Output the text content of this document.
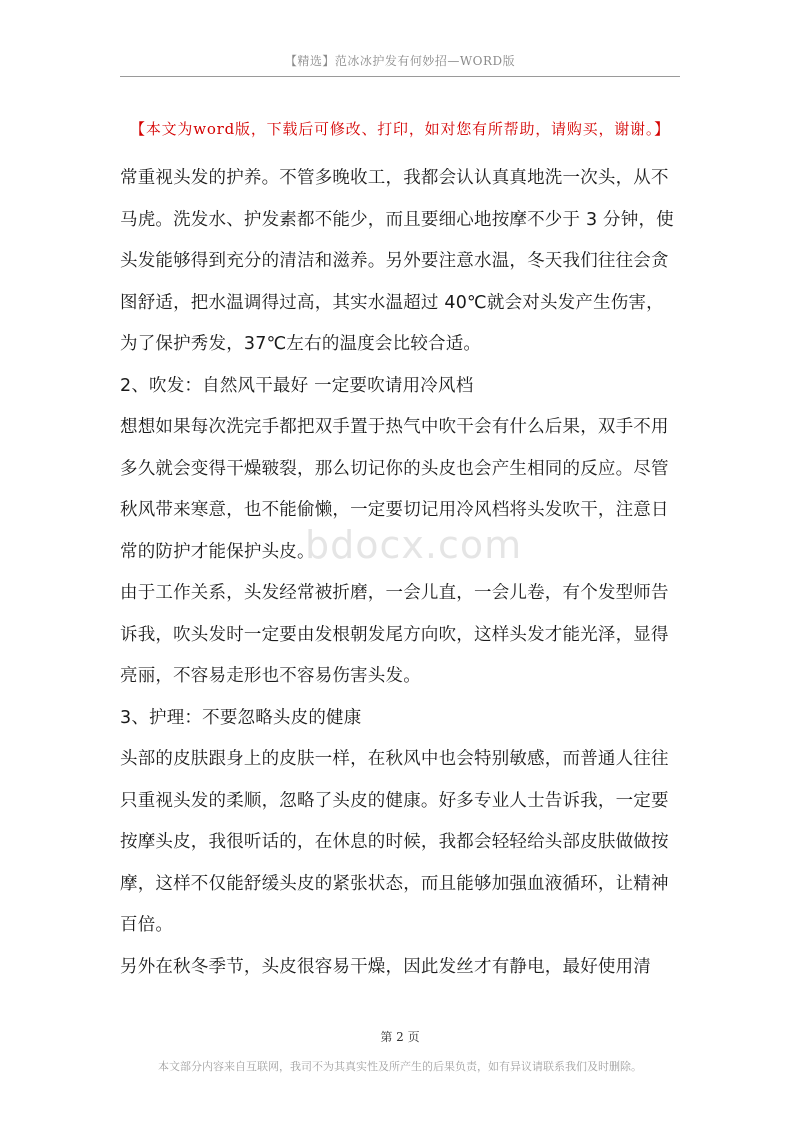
【精选】范冰冰护发有何妙招—WORD版
【本文为word版，下载后可修改、打印，如对您有所帮助，请购买，谢谢。】

常重视头发的护养。不管多晚收工，我都会认认真真地洗一次头，从不马虎。洗发水、护发素都不能少，而且要细心地按摩不少于 3 分钟，使头发能够得到充分的清洁和滋养。另外要注意水温，冬天我们往往会贪图舒适，把水温调得过高，其实水温超过 40℃就会对头发产生伤害，为了保护秀发，37℃左右的温度会比较合适。

2、吹发：自然风干最好 一定要吹请用冷风档

想想如果每次洗完手都把双手置于热气中吹干会有什么后果，双手不用多久就会变得干燥皲裂，那么切记你的头皮也会产生相同的反应。尽管秋风带来寒意，也不能偷懒，一定要切记用冷风档将头发吹干，注意日常的防护才能保护头皮。

由于工作关系，头发经常被折磨，一会儿直，一会儿卷，有个发型师告诉我，吹头发时一定要由发根朝发尾方向吹，这样头发才能光泽，显得亮丽，不容易走形也不容易伤害头发。

3、护理：不要忽略头皮的健康

头部的皮肤跟身上的皮肤一样，在秋风中也会特别敏感，而普通人往往只重视头发的柔顺，忽略了头皮的健康。好多专业人士告诉我，一定要按摩头皮，我很听话的，在休息的时候，我都会轻轻给头部皮肤做做按摩，这样不仅能舒缓头皮的紧张状态，而且能够加强血液循环，让精神百倍。

另外在秋冬季节，头皮很容易干燥，因此发丝才有静电，最好使用清

bdocx.com
第 2 页
本文部分内容来自互联网，我司不为其真实性及所产生的后果负责，如有异议请联系我们及时删除。
